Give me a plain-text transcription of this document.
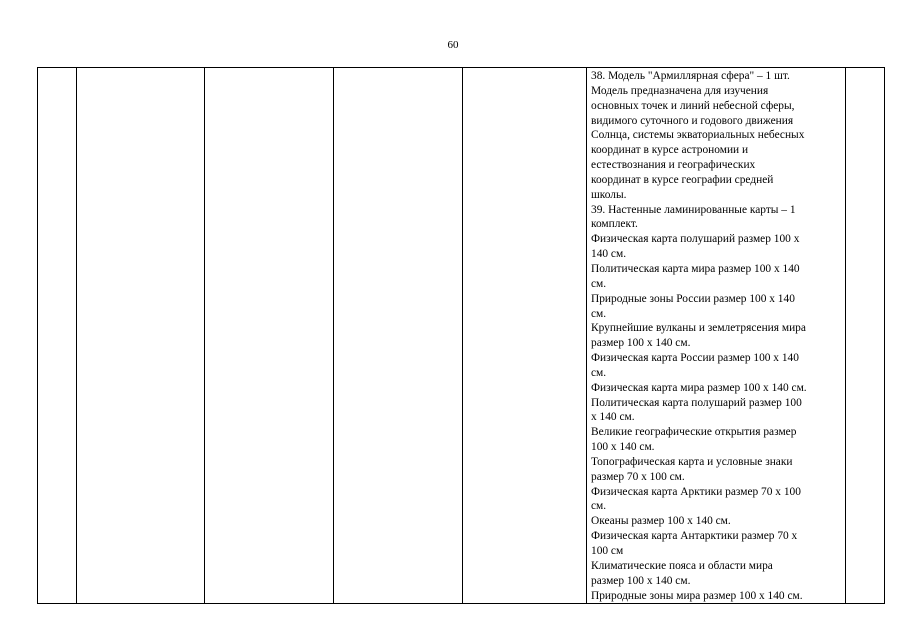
60

38. Модель "Армиллярная сфера" – 1 шт.
Модель предназначена для изучения
основных точек и линий небесной сферы,
видимого суточного и годового движения
Солнца, системы экваториальных небесных
координат в курсе астрономии и
естествознания и географических
координат в курсе географии средней
школы.
39. Настенные ламинированные карты – 1
комплект.
Физическая карта полушарий размер 100 x
140 см.
Политическая карта мира размер 100 x 140
см.
Природные зоны России размер 100 x 140
см.
Крупнейшие вулканы и землетрясения мира
размер 100 x 140 см.
Физическая карта России размер 100 x 140
см.
Физическая карта мира размер 100 x 140 см.
Политическая карта полушарий размер 100
x 140 см.
Великие географические открытия размер
100 x 140 см.
Топографическая карта и условные знаки
размер 70 x 100 см.
Физическая карта Арктики размер 70 x 100
см.
Океаны размер 100 x 140 см.
Физическая карта Антарктики размер 70 x
100 см
Климатические пояса и области мира
размер 100 x 140 см.
Природные зоны мира размер 100 x 140 см.
